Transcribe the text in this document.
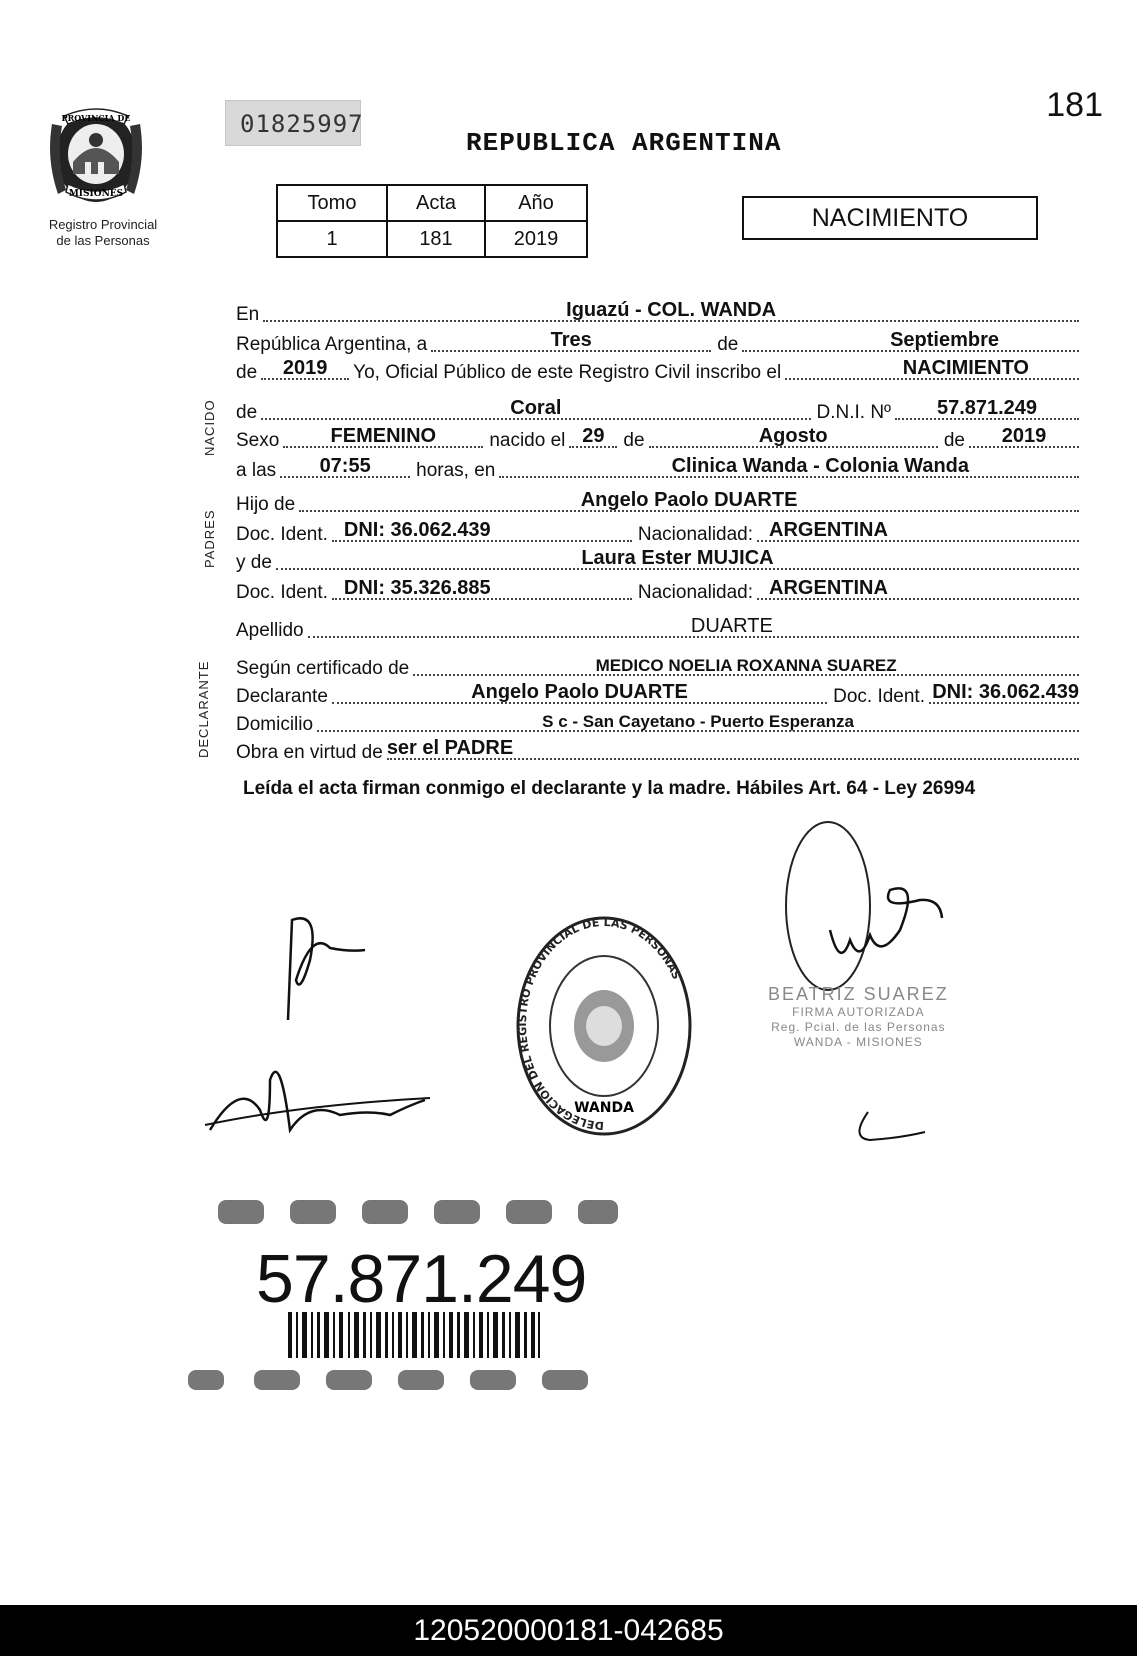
PROVINCIA DE
MISIONES
Registro Provincial
de las Personas
01825997	181
REPUBLICA ARGENTINA
Tomo	Acta	Año
1	181	2019
NACIMIENTO
NACIDO
PADRES
DECLARANTE
En	Iguazú - COL. WANDA
República Argentina, a	Tres	de	Septiembre
de 2019 Yo, Oficial Público de este Registro Civil inscribo el	NACIMIENTO
de	Coral	D.N.I. Nº 57.871.249
Sexo	FEMENINO	nacido el 29 de	Agosto	de 2019
a las 07:55	horas, en	Clinica Wanda - Colonia Wanda
Hijo de	Angelo Paolo DUARTE
Doc. Ident. DNI: 36.062.439	Nacionalidad: ARGENTINA
y de	Laura Ester MUJICA
Doc. Ident. DNI: 35.326.885	Nacionalidad: ARGENTINA
Apellido	DUARTE
Según certificado de	MEDICO NOELIA ROXANNA SUAREZ
Declarante	Angelo Paolo DUARTE	Doc. Ident. DNI: 36.062.439
Domicilio	S c - San Cayetano - Puerto Esperanza
Obra en virtud de ser el PADRE
Leída el acta firman conmigo el declarante y la madre. Hábiles Art. 64 - Ley 26994
DELEGACIÓN DEL REGISTRO PROVINCIAL DE LAS PERSONAS
WANDA
BEATRIZ SUAREZ
FIRMA AUTORIZADA
Reg. Pcial. de las Personas
WANDA - MISIONES
57.871.249
120520000181-042685
